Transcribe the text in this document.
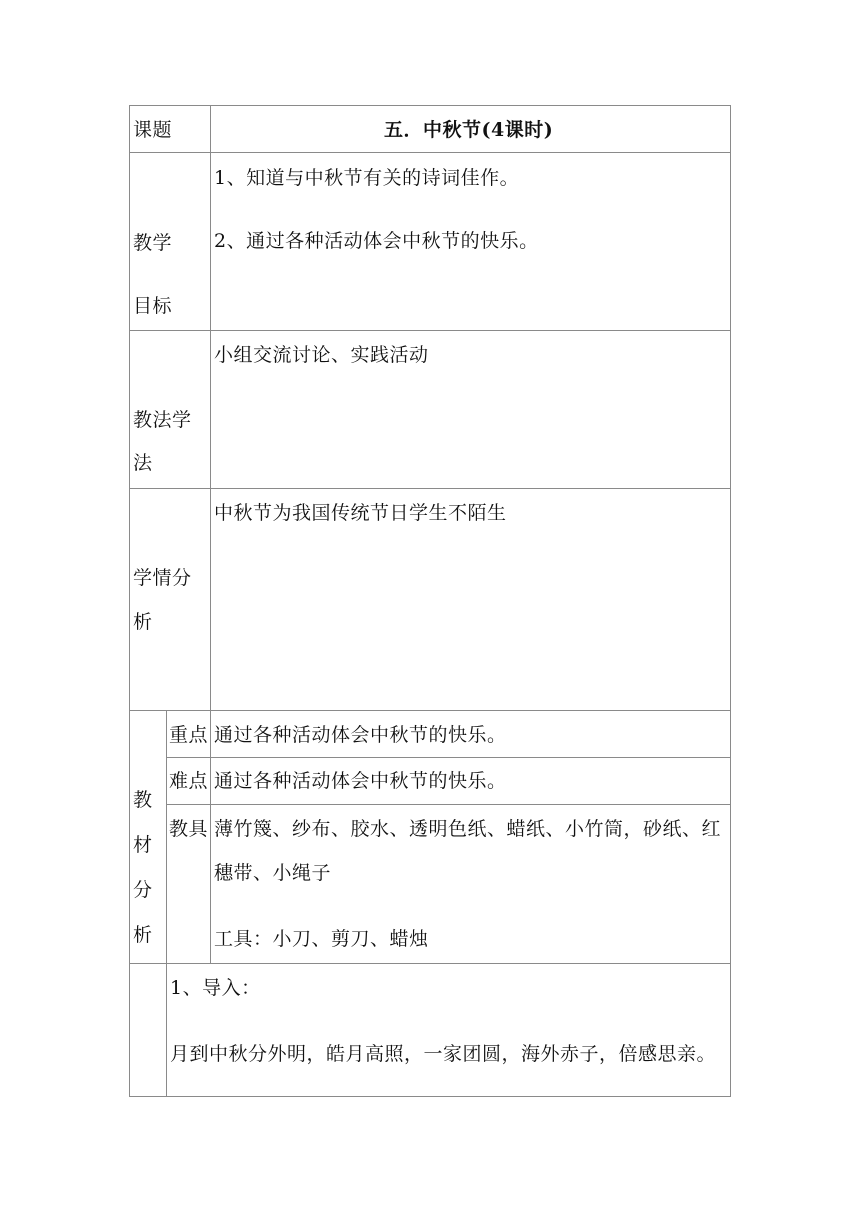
课题	五．中秋节(4课时)
教学
目标
1、知道与中秋节有关的诗词佳作。
2、通过各种活动体会中秋节的快乐。
教法学
法
小组交流讨论、实践活动
学情分
析
中秋节为我国传统节日学生不陌生
教
材
分
析
重点 通过各种活动体会中秋节的快乐。
难点 通过各种活动体会中秋节的快乐。
教具 薄竹篾、纱布、胶水、透明色纸、蜡纸、小竹筒，砂纸、红
穗带、小绳子
工具：小刀、剪刀、蜡烛
1、导入：
月到中秋分外明，皓月高照，一家团圆，海外赤子，倍感思亲。
